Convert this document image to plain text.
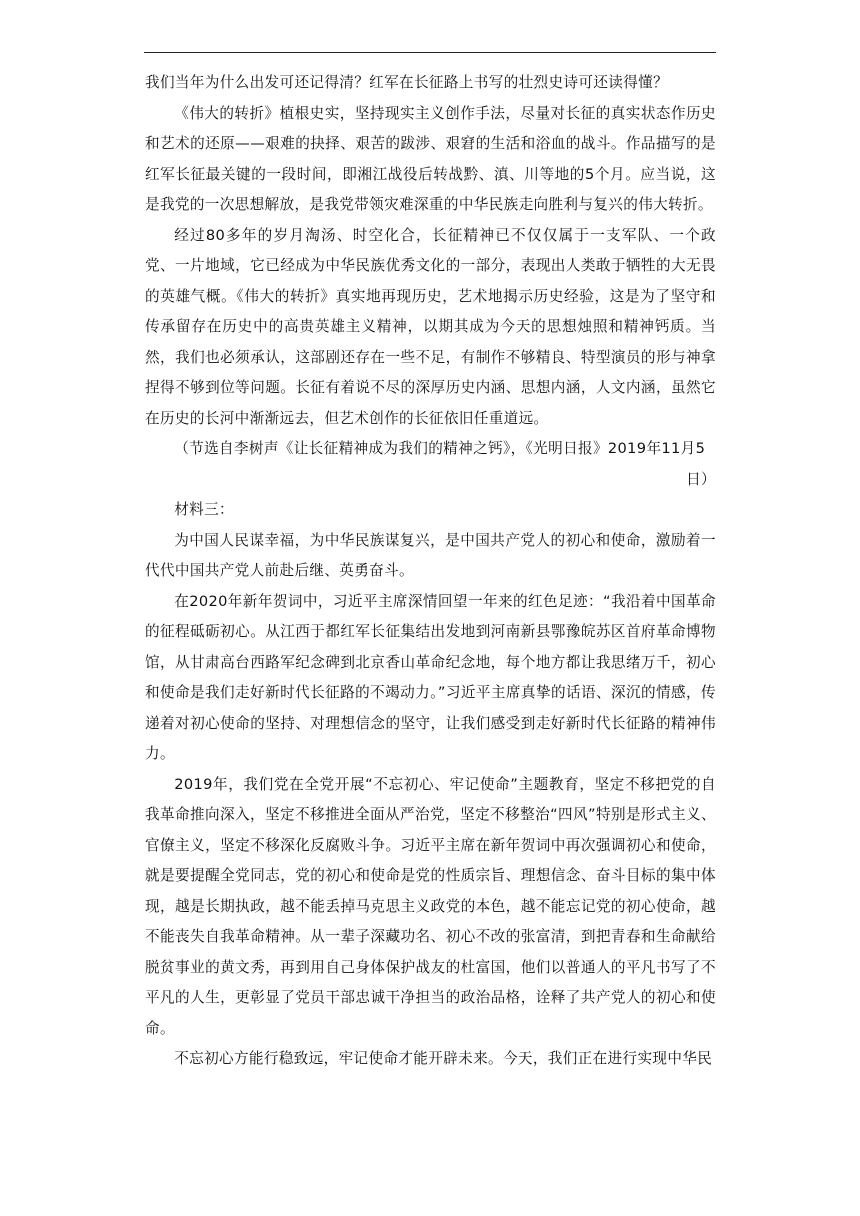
我们当年为什么出发可还记得清？红军在长征路上书写的壮烈史诗可还读得懂？

《伟大的转折》植根史实，坚持现实主义创作手法，尽量对长征的真实状态作历史和艺术的还原——艰难的抉择、艰苦的跋涉、艰窘的生活和浴血的战斗。作品描写的是红军长征最关键的一段时间，即湘江战役后转战黔、滇、川等地的5个月。应当说，这是我党的一次思想解放，是我党带领灾难深重的中华民族走向胜利与复兴的伟大转折。

经过80多年的岁月淘汤、时空化合，长征精神已不仅仅属于一支军队、一个政党、一片地域，它已经成为中华民族优秀文化的一部分，表现出人类敢于牺牲的大无畏的英雄气概。《伟大的转折》真实地再现历史，艺术地揭示历史经验，这是为了坚守和传承留存在历史中的高贵英雄主义精神，以期其成为今天的思想烛照和精神钙质。当然，我们也必须承认，这部剧还存在一些不足，有制作不够精良、特型演员的形与神拿捏得不够到位等问题。长征有着说不尽的深厚历史内涵、思想内涵，人文内涵，虽然它在历史的长河中渐渐远去，但艺术创作的长征依旧任重道远。

（节选自李树声《让长征精神成为我们的精神之钙》，《光明日报》2019年11月5

日）

材料三：

为中国人民谋幸福，为中华民族谋复兴，是中国共产党人的初心和使命，激励着一代代中国共产党人前赴后继、英勇奋斗。

在2020年新年贺词中，习近平主席深情回望一年来的红色足迹：“我沿着中国革命的征程砥砺初心。从江西于都红军长征集结出发地到河南新县鄂豫皖苏区首府革命博物馆，从甘肃高台西路军纪念碑到北京香山革命纪念地，每个地方都让我思绪万千，初心和使命是我们走好新时代长征路的不竭动力。”习近平主席真挚的话语、深沉的情感，传递着对初心使命的坚持、对理想信念的坚守，让我们感受到走好新时代长征路的精神伟力。

2019年，我们党在全党开展“不忘初心、牢记使命”主题教育，坚定不移把党的自我革命推向深入，坚定不移推进全面从严治党，坚定不移整治“四风”特别是形式主义、官僚主义，坚定不移深化反腐败斗争。习近平主席在新年贺词中再次强调初心和使命，就是要提醒全党同志，党的初心和使命是党的性质宗旨、理想信念、奋斗目标的集中体现，越是长期执政，越不能丢掉马克思主义政党的本色，越不能忘记党的初心使命，越不能丧失自我革命精神。从一辈子深藏功名、初心不改的张富清，到把青春和生命献给脱贫事业的黄文秀，再到用自己身体保护战友的杜富国，他们以普通人的平凡书写了不平凡的人生，更彰显了党员干部忠诚干净担当的政治品格，诠释了共产党人的初心和使命。

不忘初心方能行稳致远，牢记使命才能开辟未来。今天，我们正在进行实现中华民
